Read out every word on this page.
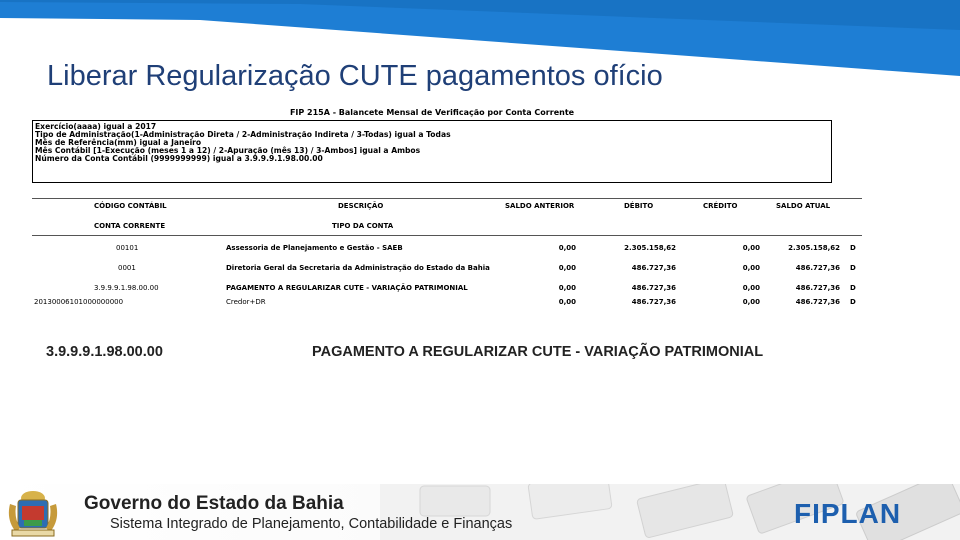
Liberar Regularização CUTE pagamentos ofício
FIP 215A - Balancete Mensal de Verificação por Conta Corrente
Exercício(aaaa) igual a 2017
Tipo de Administração(1-Administração Direta / 2-Administração Indireta / 3-Todas) igual a Todas
Mês de Referência(mm) igual a Janeiro
Mês Contábil [1-Execução (meses 1 a 12) / 2-Apuração (mês 13) / 3-Ambos] igual a Ambos
Número da Conta Contábil (9999999999) igual a 3.9.9.9.1.98.00.00
CÓDIGO CONTÁBIL	DESCRIÇÃO	SALDO ANTERIOR	DÉBITO	CRÉDITO	SALDO ATUAL
CONTA CORRENTE	TIPO DA CONTA
00101	Assessoria de Planejamento e Gestão - SAEB	0,00	2.305.158,62	0,00	2.305.158,62 D
0001	Diretoria Geral da Secretaria da Administração do Estado da Bahia	0,00	486.727,36	0,00	486.727,36 D
3.9.9.9.1.98.00.00	PAGAMENTO A REGULARIZAR CUTE - VARIAÇÃO PATRIMONIAL	0,00	486.727,36	0,00	486.727,36 D
20130006101000000000	Credor+DR	0,00	486.727,36	0,00	486.727,36 D
3.9.9.9.1.98.00.00	PAGAMENTO A REGULARIZAR CUTE - VARIAÇÃO PATRIMONIAL
Governo do Estado da Bahia
Sistema Integrado de Planejamento, Contabilidade e Finanças	FIPLAN
